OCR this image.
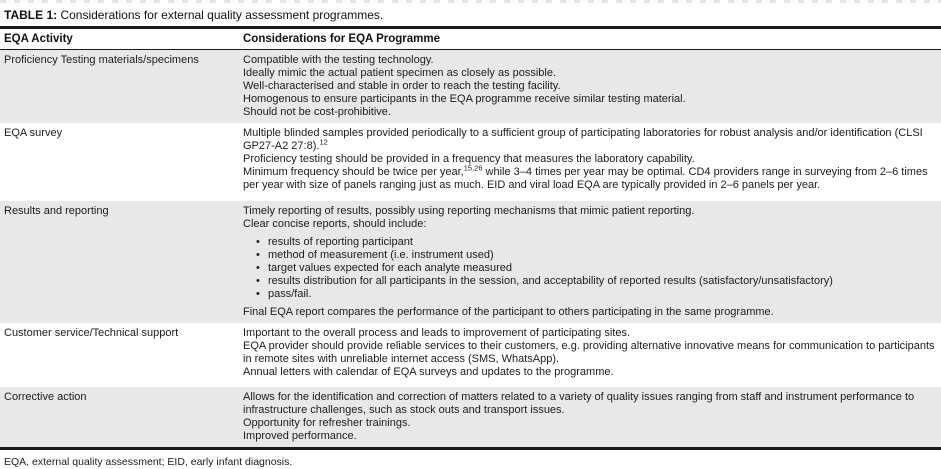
TABLE 1: Considerations for external quality assessment programmes.
EQA Activity	Considerations for EQA Programme
Proficiency Testing materials/specimens	Compatible with the testing technology.

Ideally mimic the actual patient specimen as closely as possible.

Well-characterised and stable in order to reach the testing facility.

Homogenous to ensure participants in the EQA programme receive similar testing material.

Should not be cost-prohibitive.

EQA survey	Multiple blinded samples provided periodically to a sufficient group of participating laboratories for robust analysis and/or identification (CLSI GP27-A2 27:8).$^{12}$

Proficiency testing should be provided in a frequency that measures the laboratory capability.

Minimum frequency should be twice per year,$^{15,26}$ while 3–4 times per year may be optimal. CD4 providers range in surveying from 2–6 times per year with size of panels ranging just as much. EID and viral load EQA are typically provided in 2–6 panels per year.

Results and reporting	Timely reporting of results, possibly using reporting mechanisms that mimic patient reporting.

Clear concise reports, should include:

• results of reporting participant
• method of measurement (i.e. instrument used)
• target values expected for each analyte measured
• results distribution for all participants in the session, and acceptability of reported results (satisfactory/unsatisfactory)
• pass/fail.

Final EQA report compares the performance of the participant to others participating in the same programme.

Customer service/Technical support	Important to the overall process and leads to improvement of participating sites.

EQA provider should provide reliable services to their customers, e.g. providing alternative innovative means for communication to participants in remote sites with unreliable internet access (SMS, WhatsApp).

Annual letters with calendar of EQA surveys and updates to the programme.

Corrective action	Allows for the identification and correction of matters related to a variety of quality issues ranging from staff and instrument performance to infrastructure challenges, such as stock outs and transport issues.

Opportunity for refresher trainings.

Improved performance.

EQA, external quality assessment; EID, early infant diagnosis.
